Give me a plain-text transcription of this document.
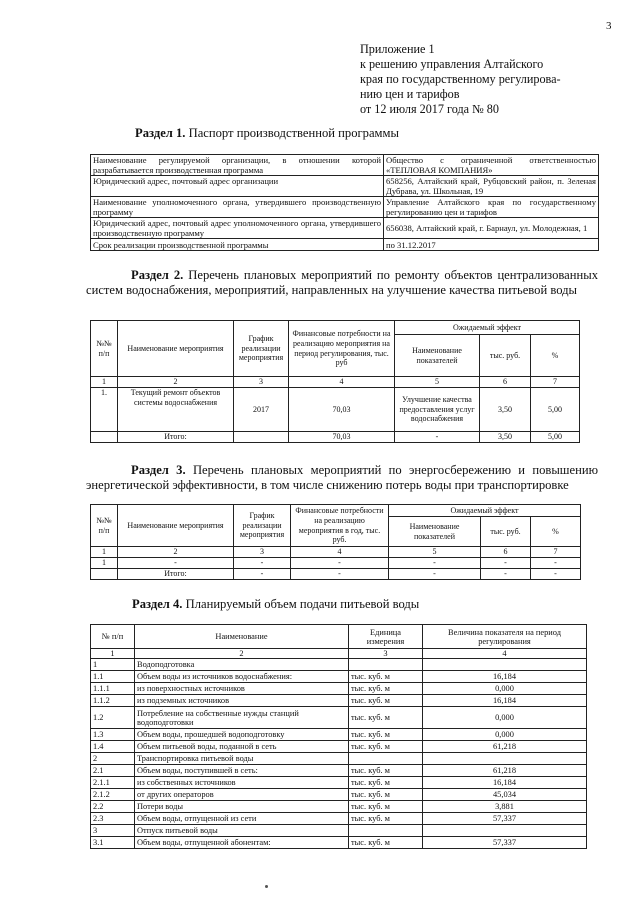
3
Приложение 1
к решению управления Алтайского
края по государственному регулирова-
нию цен и тарифов
от 12 июля 2017 года № 80
Раздел 1. Паспорт производственной программы
Наименование регулируемой организации, в отношении которой разрабатывается производственная программа	Общество с ограниченной ответственностью «ТЕПЛОВАЯ КОМПАНИЯ»
Юридический адрес, почтовый адрес организации	658256, Алтайский край, Рубцовский район, п. Зеленая Дубрава, ул. Школьная, 19
Наименование уполномоченного органа, утвердившего производственную программу	Управление Алтайского края по государственному регулированию цен и тарифов
Юридический адрес, почтовый адрес уполномоченного органа, утвердившего производственную программу	656038, Алтайский край, г. Барнаул, ул. Молодежная, 1
Срок реализации производственной программы	по 31.12.2017
Раздел 2. Перечень плановых мероприятий по ремонту объектов централизованных систем водоснабжения, мероприятий, направленных на улучшение качества питьевой воды
№№ п/п	Наименование мероприятия	График реализации мероприятия	Финансовые потребности на реализацию мероприятия на период регулирования, тыс. руб	Ожидаемый эффект		
				Наименование показателей	тыс. руб.	%
1	2	3	4	5	6	7
1.	Текущий ремонт объектов системы водоснабжения	2017	70,03	Улучшение качества предоставления услуг водоснабжения	3,50	5,00
	Итого:		70,03	-	3,50	5,00
Раздел 3. Перечень плановых мероприятий по энергосбережению и повышению энергетической эффективности, в том числе снижению потерь воды при транспортировке
№№ п/п	Наименование мероприятия	График реализации мероприятия	Финансовые потребности на реализацию мероприятия в год, тыс. руб.	Ожидаемый эффект		
				Наименование показателей	тыс. руб.	%
1	2	3	4	5	6	7
1	-	-	-	-	-	-
	Итого:	-	-	-	-	-
Раздел 4. Планируемый объем подачи питьевой воды
№ п/п	Наименование	Единица измерения	Величина показателя на период регулирования
1	2	3	4
1	Водоподготовка		
1.1	Объем воды из источников водоснабжения:	тыс. куб. м	16,184
1.1.1	из поверхностных источников	тыс. куб. м	0,000
1.1.2	из подземных источников	тыс. куб. м	16,184
1.2	Потребление на собственные нужды станций водоподготовки	тыс. куб. м	0,000
1.3	Объем воды, прошедшей водоподготовку	тыс. куб. м	0,000
1.4	Объем питьевой воды, поданной в сеть	тыс. куб. м	61,218
2	Транспортировка питьевой воды		
2.1	Объем воды, поступившей в сеть:	тыс. куб. м	61,218
2.1.1	из собственных источников	тыс. куб. м	16,184
2.1.2	от других операторов	тыс. куб. м	45,034
2.2	Потери воды	тыс. куб. м	3,881
2.3	Объем воды, отпущенной из сети	тыс. куб. м	57,337
3	Отпуск питьевой воды		
3.1	Объем воды, отпущенной абонентам:	тыс. куб. м	57,337
